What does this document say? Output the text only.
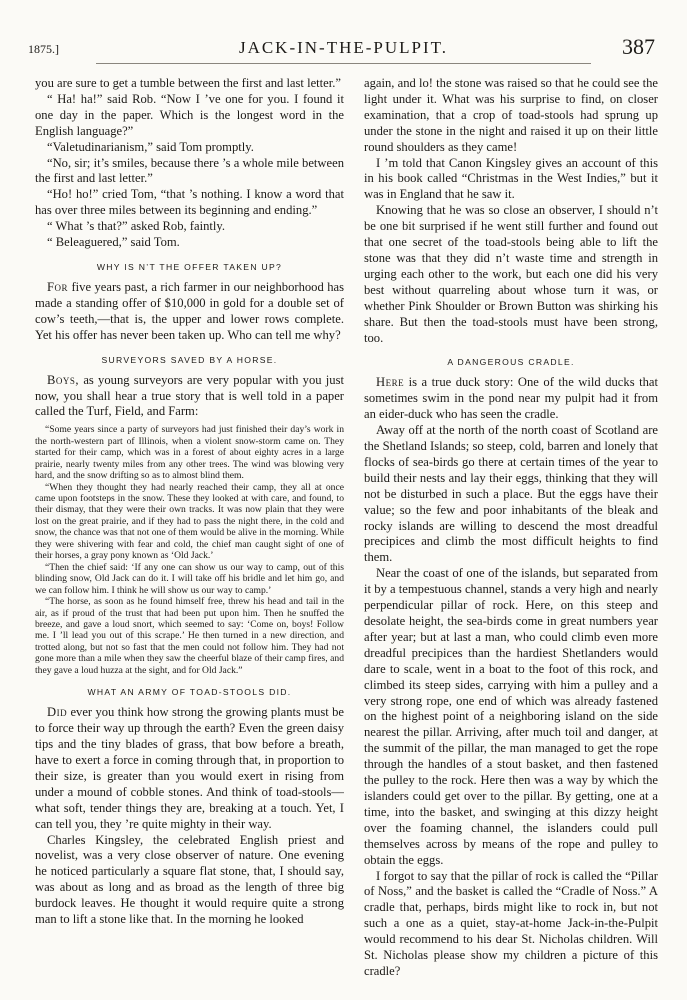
1875.]	JACK-IN-THE-PULPIT.	387

you are sure to get a tumble between the first and last letter.”

“ Ha! ha!” said Rob. “Now I ’ve one for you. I found it one day in the paper. Which is the longest word in the English language?”

“Valetudinarianism,” said Tom promptly.

“No, sir; it’s smiles, because there ’s a whole mile between the first and last letter.”

“Ho! ho!” cried Tom, “that ’s nothing. I know a word that has over three miles between its beginning and ending.”

“ What ’s that?” asked Rob, faintly.

“ Beleaguered,” said Tom.

WHY IS N’T THE OFFER TAKEN UP?

For five years past, a rich farmer in our neighborhood has made a standing offer of $10,000 in gold for a double set of cow’s teeth,—that is, the upper and lower rows complete. Yet his offer has never been taken up. Who can tell me why?

SURVEYORS SAVED BY A HORSE.

Boys, as young surveyors are very popular with you just now, you shall hear a true story that is well told in a paper called the Turf, Field, and Farm:

“Some years since a party of surveyors had just finished their day’s work in the north-western part of Illinois, when a violent snow-storm came on. They started for their camp, which was in a forest of about eighty acres in a large prairie, nearly twenty miles from any other trees. The wind was blowing very hard, and the snow drifting so as to almost blind them.

“When they thought they had nearly reached their camp, they all at once came upon footsteps in the snow. These they looked at with care, and found, to their dismay, that they were their own tracks. It was now plain that they were lost on the great prairie, and if they had to pass the night there, in the cold and snow, the chance was that not one of them would be alive in the morning. While they were shivering with fear and cold, the chief man caught sight of one of their horses, a gray pony known as ‘Old Jack.’

“Then the chief said: ‘If any one can show us our way to camp, out of this blinding snow, Old Jack can do it. I will take off his bridle and let him go, and we can follow him. I think he will show us our way to camp.’

“The horse, as soon as he found himself free, threw his head and tail in the air, as if proud of the trust that had been put upon him. Then he snuffed the breeze, and gave a loud snort, which seemed to say: ‘Come on, boys! Follow me. I ’ll lead you out of this scrape.’ He then turned in a new direction, and trotted along, but not so fast that the men could not follow him. They had not gone more than a mile when they saw the cheerful blaze of their camp fires, and they gave a loud huzza at the sight, and for Old Jack.”

WHAT AN ARMY OF TOAD-STOOLS DID.

Did ever you think how strong the growing plants must be to force their way up through the earth? Even the green daisy tips and the tiny blades of grass, that bow before a breath, have to exert a force in coming through that, in proportion to their size, is greater than you would exert in rising from under a mound of cobble stones. And think of toad-stools—what soft, tender things they are, breaking at a touch. Yet, I can tell you, they ’re quite mighty in their way.

Charles Kingsley, the celebrated English priest and novelist, was a very close observer of nature. One evening he noticed particularly a square flat stone, that, I should say, was about as long and as broad as the length of three big burdock leaves. He thought it would require quite a strong man to lift a stone like that. In the morning he looked

again, and lo! the stone was raised so that he could see the light under it. What was his surprise to find, on closer examination, that a crop of toad-stools had sprung up under the stone in the night and raised it up on their little round shoulders as they came!

I ’m told that Canon Kingsley gives an account of this in his book called “Christmas in the West Indies,” but it was in England that he saw it.

Knowing that he was so close an observer, I should n’t be one bit surprised if he went still further and found out that one secret of the toad-stools being able to lift the stone was that they did n’t waste time and strength in urging each other to the work, but each one did his very best without quarreling about whose turn it was, or whether Pink Shoulder or Brown Button was shirking his share. But then the toad-stools must have been strong, too.

A DANGEROUS CRADLE.

Here is a true duck story: One of the wild ducks that sometimes swim in the pond near my pulpit had it from an eider-duck who has seen the cradle.

Away off at the north of the north coast of Scotland are the Shetland Islands; so steep, cold, barren and lonely that flocks of sea-birds go there at certain times of the year to build their nests and lay their eggs, thinking that they will not be disturbed in such a place. But the eggs have their value; so the few and poor inhabitants of the bleak and rocky islands are willing to descend the most dreadful precipices and climb the most difficult heights to find them.

Near the coast of one of the islands, but separated from it by a tempestuous channel, stands a very high and nearly perpendicular pillar of rock. Here, on this steep and desolate height, the sea-birds come in great numbers year after year; but at last a man, who could climb even more dreadful precipices than the hardiest Shetlanders would dare to scale, went in a boat to the foot of this rock, and climbed its steep sides, carrying with him a pulley and a very strong rope, one end of which was already fastened on the highest point of a neighboring island on the side nearest the pillar. Arriving, after much toil and danger, at the summit of the pillar, the man managed to get the rope through the handles of a stout basket, and then fastened the pulley to the rock. Here then was a way by which the islanders could get over to the pillar. By getting, one at a time, into the basket, and swinging at this dizzy height over the foaming channel, the islanders could pull themselves across by means of the rope and pulley to obtain the eggs.

I forgot to say that the pillar of rock is called the “Pillar of Noss,” and the basket is called the “Cradle of Noss.” A cradle that, perhaps, birds might like to rock in, but not such a one as a quiet, stay-at-home Jack-in-the-Pulpit would recommend to his dear St. Nicholas children. Will St. Nicholas please show my children a picture of this cradle?
